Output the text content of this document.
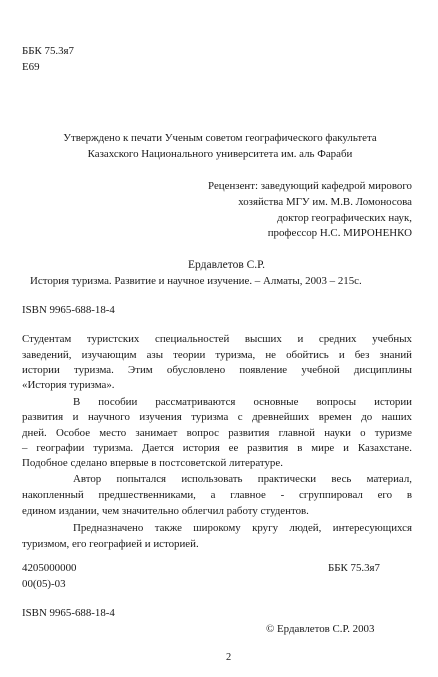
ББК 75.3я7
Е69
Утверждено к печати Ученым советом географического факультета
Казахского Национального университета им. аль Фараби
Рецензент: заведующий кафедрой мирового
хозяйства МГУ им. М.В. Ломоносова
доктор географических наук,
профессор Н.С. МИРОНЕНКО
Ердавлетов С.Р.
История туризма. Развитие и научное изучение. – Алматы, 2003 – 215с.
ISBN 9965-688-18-4
Студентам туристских специальностей высших и средних учебных
заведений, изучающим азы теории туризма, не обойтись и без знаний
истории туризма. Этим обусловлено появление учебной дисциплины
«История туризма».
В пособии рассматриваются основные вопросы истории
развития и научного изучения туризма с древнейших времен до наших
дней. Особое место занимает вопрос развития главной науки о туризме
– географии туризма. Дается история ее развития в мире и Казахстане.
Подобное сделано впервые в постсоветской литературе.
Автор попытался использовать практически весь материал,
накопленный предшественниками, а главное - сгруппировал его в
едином издании, чем значительно облегчил работу студентов.
Предназначено также широкому кругу людей, интересующихся
туризмом, его географией и историей.
4205000000
00(05)-03
ББК 75.3я7
ISBN 9965-688-18-4
© Ердавлетов С.Р. 2003
2
